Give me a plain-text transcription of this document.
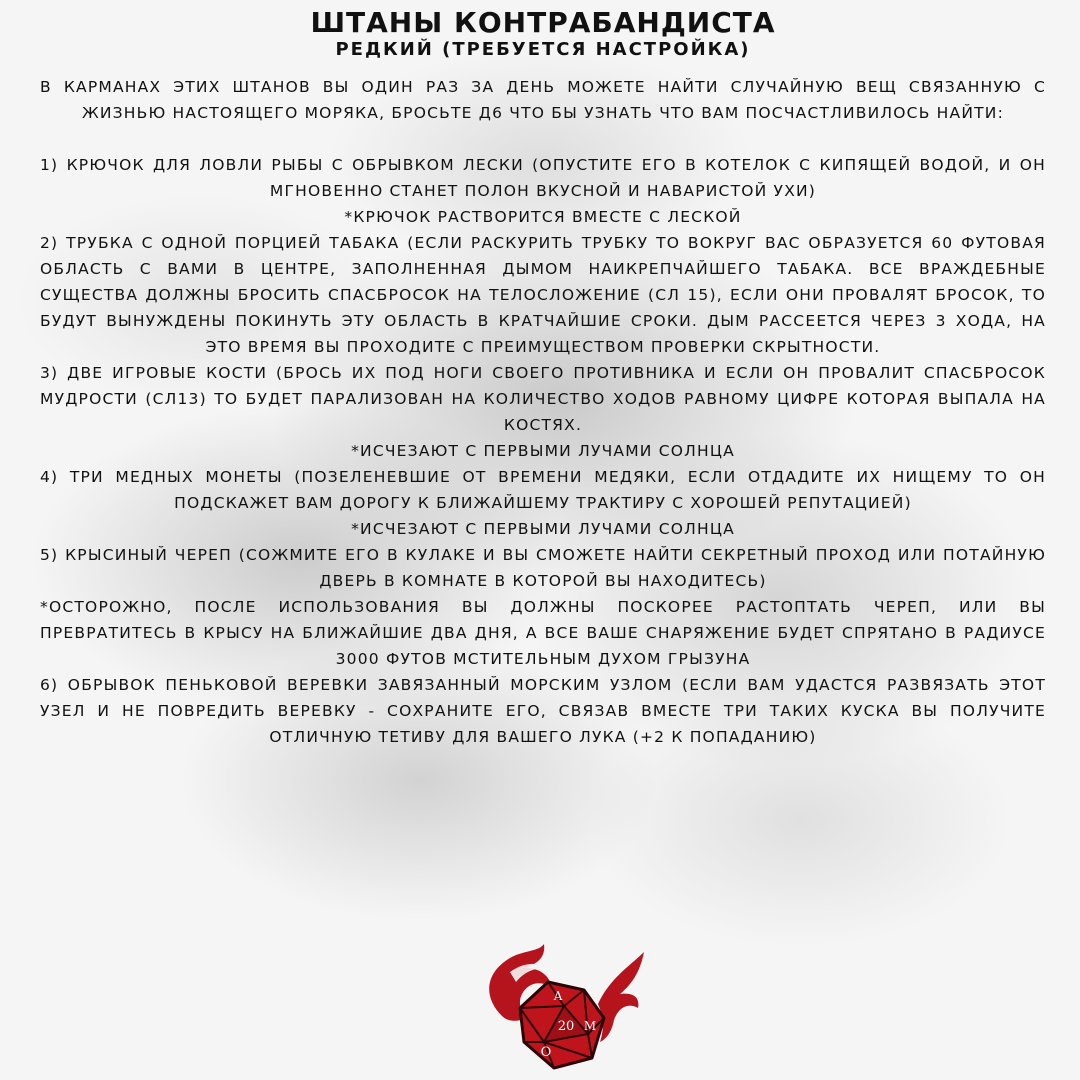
ШТАНЫ КОНТРАБАНДИСТА
РЕДКИЙ (ТРЕБУЕТСЯ НАСТРОЙКА)

В КАРМАНАХ ЭТИХ ШТАНОВ ВЫ ОДИН РАЗ ЗА ДЕНЬ МОЖЕТЕ НАЙТИ СЛУЧАЙНУЮ ВЕЩ СВЯЗАННУЮ С ЖИЗНЬЮ НАСТОЯЩЕГО МОРЯКА, БРОСЬТЕ Д6 ЧТО БЫ УЗНАТЬ ЧТО ВАМ ПОСЧАСТЛИВИЛОСЬ НАЙТИ:

1) КРЮЧОК ДЛЯ ЛОВЛИ РЫБЫ С ОБРЫВКОМ ЛЕСКИ (ОПУСТИТЕ ЕГО В КОТЕЛОК С КИПЯЩЕЙ ВОДОЙ, И ОН МГНОВЕННО СТАНЕТ ПОЛОН ВКУСНОЙ И НАВАРИСТОЙ УХИ)

*КРЮЧОК РАСТВОРИТСЯ ВМЕСТЕ С ЛЕСКОЙ

2) ТРУБКА С ОДНОЙ ПОРЦИЕЙ ТАБАКА (ЕСЛИ РАСКУРИТЬ ТРУБКУ ТО ВОКРУГ ВАС ОБРАЗУЕТСЯ 60 ФУТОВАЯ ОБЛАСТЬ С ВАМИ В ЦЕНТРЕ, ЗАПОЛНЕННАЯ ДЫМОМ НАИКРЕПЧАЙШЕГО ТАБАКА. ВСЕ ВРАЖДЕБНЫЕ СУЩЕСТВА ДОЛЖНЫ БРОСИТЬ СПАСБРОСОК НА ТЕЛОСЛОЖЕНИЕ (СЛ 15), ЕСЛИ ОНИ ПРОВАЛЯТ БРОСОК, ТО БУДУТ ВЫНУЖДЕНЫ ПОКИНУТЬ ЭТУ ОБЛАСТЬ В КРАТЧАЙШИЕ СРОКИ. ДЫМ РАССЕЕТСЯ ЧЕРЕЗ 3 ХОДА, НА ЭТО ВРЕМЯ ВЫ ПРОХОДИТЕ С ПРЕИМУЩЕСТВОМ ПРОВЕРКИ СКРЫТНОСТИ.

3) ДВЕ ИГРОВЫЕ КОСТИ (БРОСЬ ИХ ПОД НОГИ СВОЕГО ПРОТИВНИКА И ЕСЛИ ОН ПРОВАЛИТ СПАСБРОСОК МУДРОСТИ (СЛ13) ТО БУДЕТ ПАРАЛИЗОВАН НА КОЛИЧЕСТВО ХОДОВ РАВНОМУ ЦИФРЕ КОТОРАЯ ВЫПАЛА НА КОСТЯХ.

*ИСЧЕЗАЮТ С ПЕРВЫМИ ЛУЧАМИ СОЛНЦА

4) ТРИ МЕДНЫХ МОНЕТЫ (ПОЗЕЛЕНЕВШИЕ ОТ ВРЕМЕНИ МЕДЯКИ, ЕСЛИ ОТДАДИТЕ ИХ НИЩЕМУ ТО ОН ПОДСКАЖЕТ ВАМ ДОРОГУ К БЛИЖАЙШЕМУ ТРАКТИРУ С ХОРОШЕЙ РЕПУТАЦИЕЙ)

*ИСЧЕЗАЮТ С ПЕРВЫМИ ЛУЧАМИ СОЛНЦА

5) КРЫСИНЫЙ ЧЕРЕП (СОЖМИТЕ ЕГО В КУЛАКЕ И ВЫ СМОЖЕТЕ НАЙТИ СЕКРЕТНЫЙ ПРОХОД ИЛИ ПОТАЙНУЮ ДВЕРЬ В КОМНАТЕ В КОТОРОЙ ВЫ НАХОДИТЕСЬ)

*ОСТОРОЖНО, ПОСЛЕ ИСПОЛЬЗОВАНИЯ ВЫ ДОЛЖНЫ ПОСКОРЕЕ РАСТОПТАТЬ ЧЕРЕП, ИЛИ ВЫ ПРЕВРАТИТЕСЬ В КРЫСУ НА БЛИЖАЙШИЕ ДВА ДНЯ, А ВСЕ ВАШЕ СНАРЯЖЕНИЕ БУДЕТ СПРЯТАНО В РАДИУСЕ 3000 ФУТОВ МСТИТЕЛЬНЫМ ДУХОМ ГРЫЗУНА

6) ОБРЫВОК ПЕНЬКОВОЙ ВЕРЕВКИ ЗАВЯЗАННЫЙ МОРСКИМ УЗЛОМ (ЕСЛИ ВАМ УДАСТСЯ РАЗВЯЗАТЬ ЭТОТ УЗЕЛ И НЕ ПОВРЕДИТЬ ВЕРЕВКУ - СОХРАНИТЕ ЕГО, СВЯЗАВ ВМЕСТЕ ТРИ ТАКИХ КУСКА ВЫ ПОЛУЧИТЕ ОТЛИЧНУЮ ТЕТИВУ ДЛЯ ВАШЕГО ЛУКА (+2 К ПОПАДАНИЮ)

А
20 М
О
